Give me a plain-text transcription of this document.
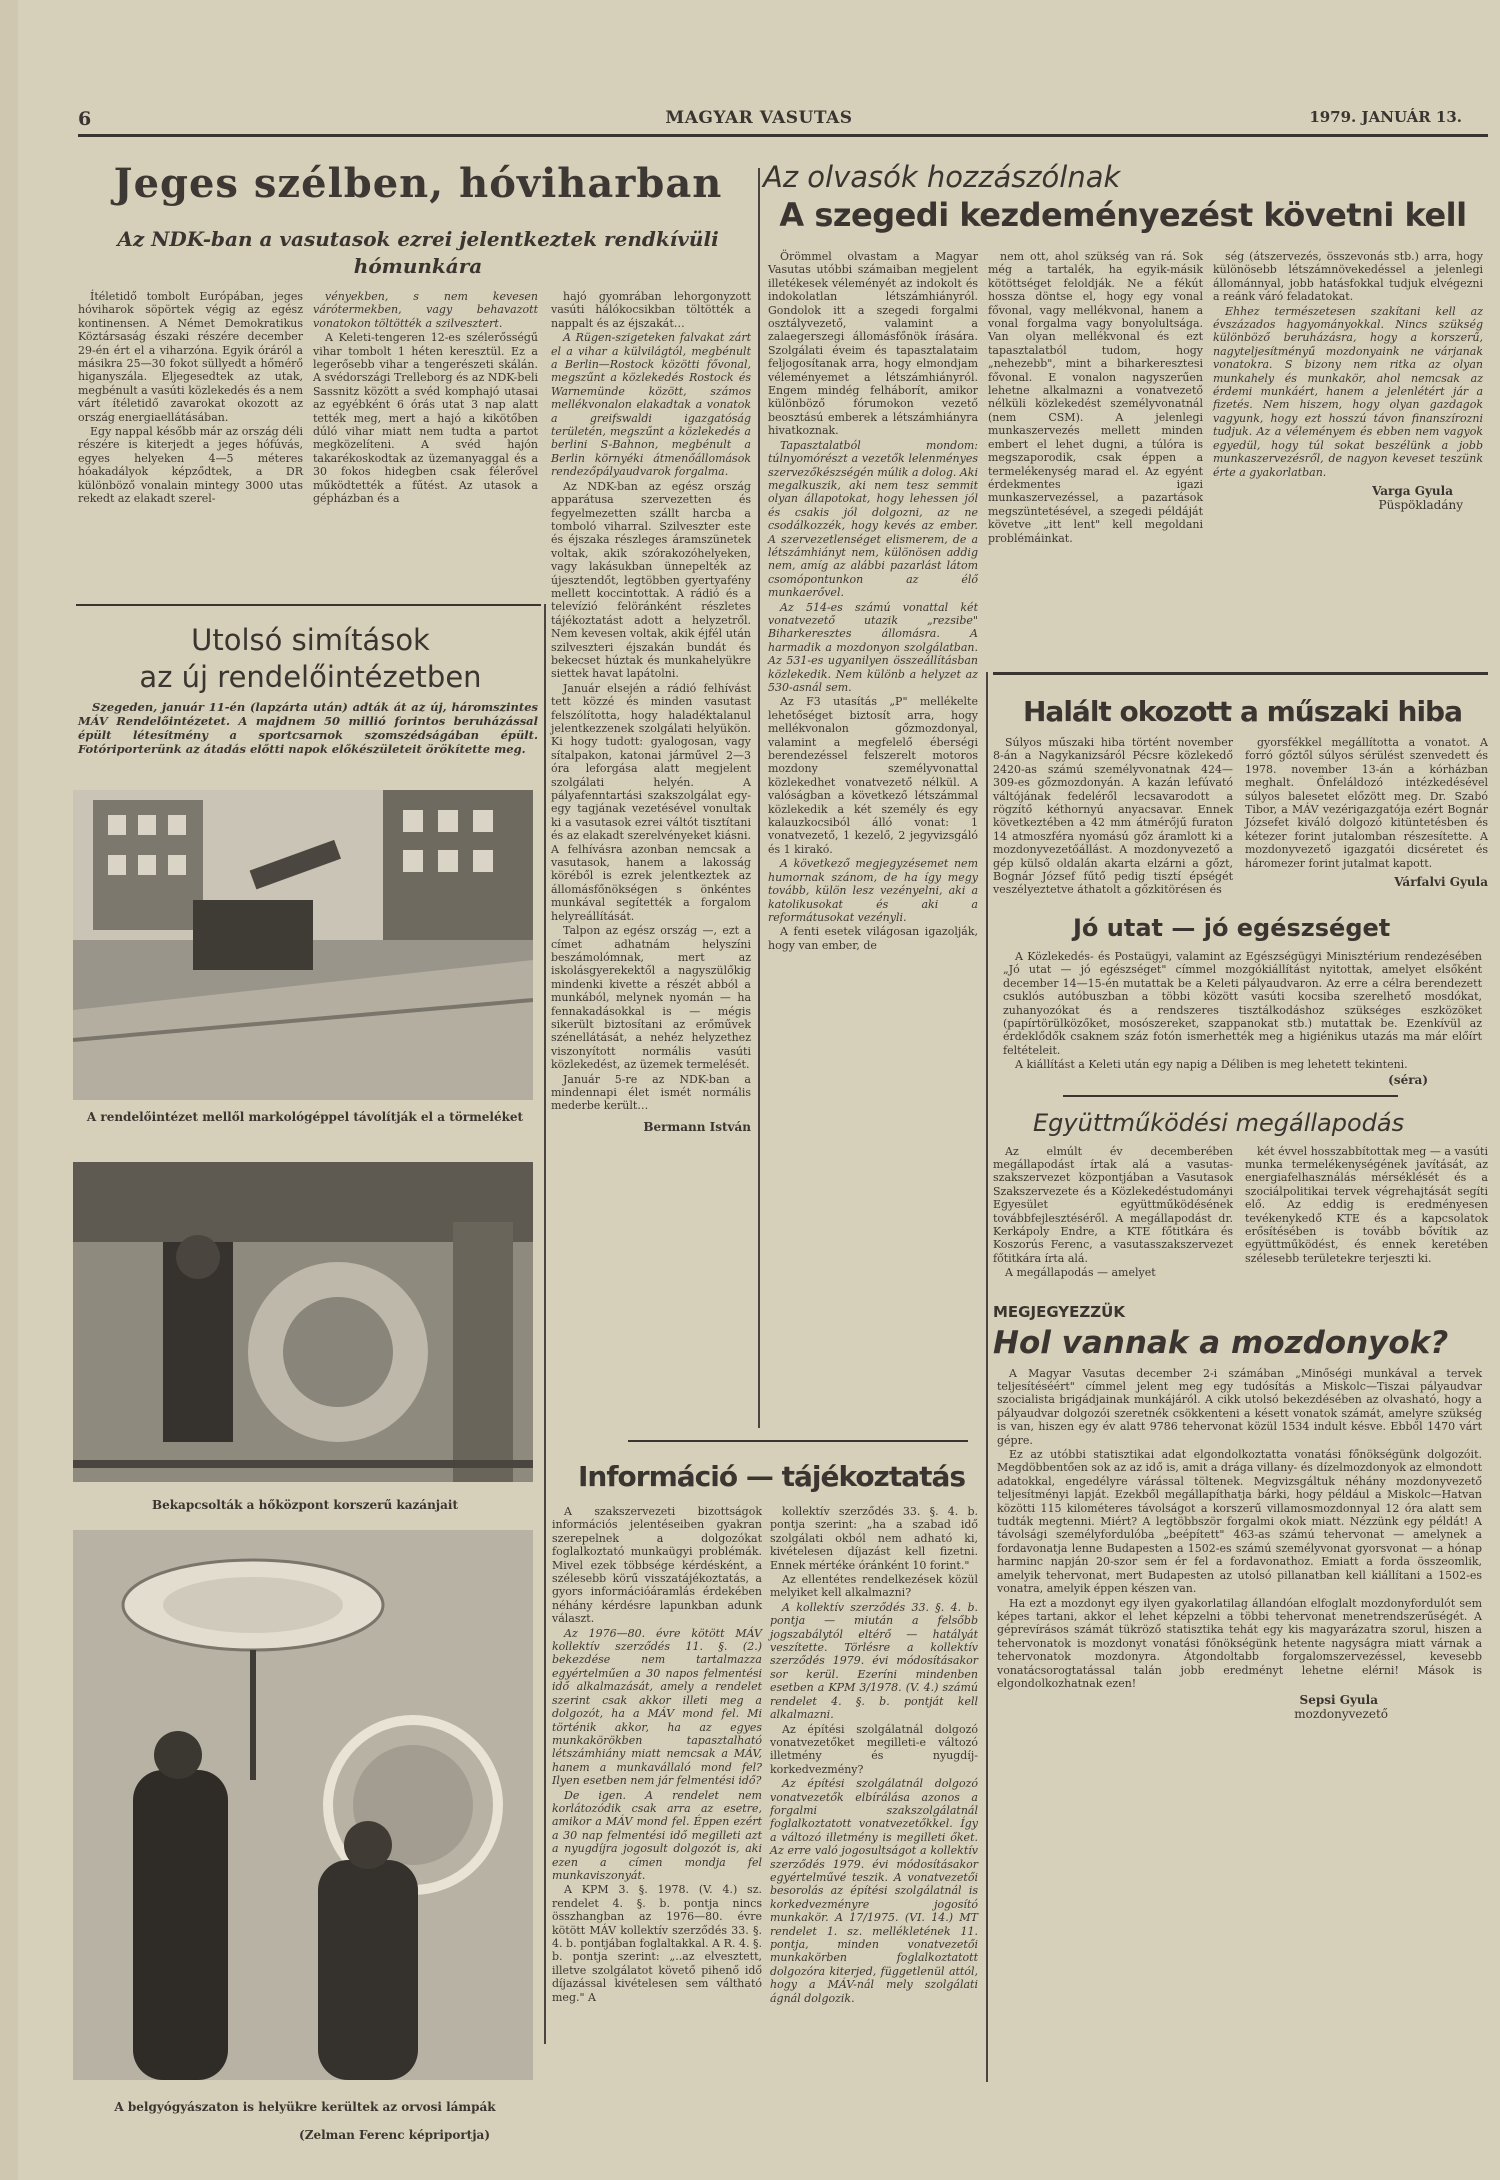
6	MAGYAR VASUTAS	1979. JANUÁR 13.
Jeges szélben, hóviharban
Az NDK-ban a vasutasok ezrei jelentkeztek rendkívüli hómunkára

Ítéletidő tombolt Európában, jeges hóviharok söpörtek végig az egész kontinensen. A Német Demokratikus Köztársaság északi részére december 29-én ért el a viharzóna. Egyik óráról a másikra 25—30 fokot süllyedt a hőmérő higanyszála. Eljegesedtek az utak, megbénult a vasúti közlekedés és a nem várt ítéletidő zavarokat okozott az ország energiaellátásában.

Egy nappal később már az ország déli részére is kiterjedt a jeges hófúvás, egyes helyeken 4—5 méteres hóakadályok képződtek, a DR különböző vonalain mintegy 3000 utas rekedt az elakadt szerel-

vényekben, s nem kevesen várótermekben, vagy behavazott vonatokon töltötték a szilvesztert.

A Keleti-tengeren 12-es szélerősségű vihar tombolt 1 héten keresztül. Ez a legerősebb vihar a tengerészeti skálán. A svédországi Trelleborg és az NDK-beli Sassnitz között a svéd komphajó utasai az egyébként 6 órás utat 3 nap alatt tették meg, mert a hajó a kikötőben dúló vihar miatt nem tudta a partot megközelíteni. A svéd hajón takarékoskodtak az üzemanyaggal és a 30 fokos hidegben csak félerővel működtették a fűtést. Az utasok a gépházban és a

hajó gyomrában lehorgonyzott vasúti hálókocsikban töltötték a nappalt és az éjszakát…

A Rügen-szigeteken falvakat zárt el a vihar a külvilágtól, megbénult a Berlin—Rostock közötti fővonal, megszűnt a közlekedés Rostock és Warnemünde között, számos mellékvonalon elakadtak a vonatok a greifswaldi igazgatóság területén, megszűnt a közlekedés a berlini S-Bahnon, megbénult a Berlin környéki átmenőállomások rendezőpályaudvarok forgalma.

Az NDK-ban az egész ország apparátusa szervezetten és fegyelmezetten szállt harcba a tomboló viharral. Szilveszter este és éjszaka részleges áramszünetek voltak, akik szórakozóhelyeken, vagy lakásukban ünnepelték az újesztendőt, legtöbben gyertyafény mellett koccintottak. A rádió és a televízió felöránként részletes tájékoztatást adott a helyzetről. Nem kevesen voltak, akik éjfél után szilveszteri éjszakán bundát és bekecset húztak és munkahelyükre siettek havat lapátolni.

Január elsején a rádió felhívást tett közzé és minden vasutast felszólította, hogy haladéktalanul jelentkezzenek szolgálati helyükön. Ki hogy tudott: gyalogosan, vagy sítalpakon, katonai járművel 2—3 óra leforgása alatt megjelent szolgálati helyén. A pályafenntartási szakszolgálat egy-egy tagjának vezetésével vonultak ki a vasutasok ezrei váltót tisztítani és az elakadt szerelvényeket kiásni. A felhívásra azonban nemcsak a vasutasok, hanem a lakosság köréből is ezrek jelentkeztek az állomásfőnökségen s önkéntes munkával segítették a forgalom helyreállítását.

Talpon az egész ország —, ezt a címet adhatnám helyszíni beszámolómnak, mert az iskolásgyerekektől a nagyszülőkig mindenki kivette a részét abból a munkából, melynek nyomán — ha fennakadásokkal is — mégis sikerült biztosítani az erőművek szénellátását, a nehéz helyzethez viszonyított normális vasúti közlekedést, az üzemek termelését.

Január 5-re az NDK-ban a mindennapi élet ismét normális mederbe került…

Bermann István
Utolsó simítások
az új rendelőintézetben
Szegeden, január 11-én (lapzárta után) adták át az új, háromszintes MÁV Rendelőintézetet. A majdnem 50 millió forintos beruházással épült létesítmény a sportcsarnok szomszédságában épült. Fotóriporterünk az átadás előtti napok előkészületeit örökítette meg.
A rendelőintézet mellől markológéppel távolítják el a törmeléket
Bekapcsolták a hőközpont korszerű kazánjait
A belgyógyászaton is helyükre kerültek az orvosi lámpák
(Zelman Ferenc képriportja)
Az olvasók hozzászólnak
A szegedi kezdeményezést követni kell

Örömmel olvastam a Magyar Vasutas utóbbi számaiban megjelent illetékesek véleményét az indokolt és indokolatlan létszámhiányról. Gondolok itt a szegedi forgalmi osztályvezető, valamint a zalaegerszegi állomásfőnök írására. Szolgálati éveim és tapasztalataim feljogosítanak arra, hogy elmondjam véleményemet a létszámhiányról. Engem mindég felháborít, amikor különböző fórumokon vezető beosztású emberek a létszámhiányra hivatkoznak.

Tapasztalatból mondom: túlnyomórészt a vezetők lelenményes szervezőkészségén múlik a dolog. Aki megalkuszik, aki nem tesz semmit olyan állapotokat, hogy lehessen jól és csakis jól dolgozni, az ne csodálkozzék, hogy kevés az ember. A szervezetlenséget elismerem, de a létszámhiányt nem, különösen addig nem, amíg az alábbi pazarlást látom csomópontunkon az élő munkaerővel.

Az 514-es számú vonattal két vonatvezető utazik „rezsibe" Biharkeresztes állomásra. A harmadik a mozdonyon szolgálatban. Az 531-es ugyanilyen összeállításban közlekedik. Nem különb a helyzet az 530-asnál sem.

Az F3 utasítás „P" mellékelte lehetőséget biztosít arra, hogy mellékvonalon gőzmozdonyal, valamint a megfelelő éberségi berendezéssel felszerelt motoros mozdony személyvonattal közlekedhet vonatvezető nélkül. A valóságban a következő létszámmal közlekedik a két személy és egy kalauzkocsiból álló vonat: 1 vonatvezető, 1 kezelő, 2 jegyvizsgáló és 1 kirakó.

A következő megjegyzésemet nem humornak szánom, de ha így megy tovább, külön lesz vezényelni, aki a katolikusokat és aki a reformátusokat vezényli.

A fenti esetek világosan igazolják, hogy van ember, de

nem ott, ahol szükség van rá. Sok még a tartalék, ha egyik-másik kötöttséget feloldják. Ne a fékút hossza döntse el, hogy egy vonal fővonal, vagy mellékvonal, hanem a vonal forgalma vagy bonyolultsága. Van olyan mellékvonal és ezt tapasztalatból tudom, hogy „nehezebb", mint a biharkeresztesi fővonal. E vonalon nagyszerűen lehetne alkalmazni a vonatvezető nélküli közlekedést személyvonatnál (nem CSM). A jelenlegi munkaszervezés mellett minden embert el lehet dugni, a túlóra is megszaporodik, csak éppen a termelékenység marad el. Az egyént érdekmentes igazi munkaszervezéssel, a pazartások megszüntetésével, a szegedi példáját követve „itt lent" kell megoldani problémáinkat.

ség (átszervezés, összevonás stb.) arra, hogy különösebb létszámnövekedéssel a jelenlegi állománnyal, jobb hatásfokkal tudjuk elvégezni a reánk váró feladatokat.

Ehhez természetesen szakítani kell az évszázados hagyományokkal. Nincs szükség különböző beruházásra, hogy a korszerű, nagyteljesítményű mozdonyaink ne várjanak vonatokra. S bizony nem ritka az olyan munkahely és munkakör, ahol nemcsak az érdemi munkáért, hanem a jelenlétért jár a fizetés. Nem hiszem, hogy olyan gazdagok vagyunk, hogy ezt hosszú távon finanszírozni tudjuk. Az a véleményem és ebben nem vagyok egyedül, hogy túl sokat beszélünk a jobb munkaszervezésről, de nagyon keveset teszünk érte a gyakorlatban.

Varga Gyula
Püspökladány
Halált okozott a műszaki hiba

Súlyos műszaki hiba történt november 8-án a Nagykanizsáról Pécsre közlekedő 2420-as számú személyvonatnak 424—309-es gőzmozdonyán. A kazán lefúvató váltójának fedeléről lecsavarodott a rögzítő kéthornyú anyacsavar. Ennek következtében a 42 mm átmérőjű furaton 14 atmoszféra nyomású gőz áramlott ki a mozdonyvezetőállást. A mozdonyvezető a gép külső oldalán akarta elzárni a gőzt, Bognár József fűtő pedig tisztí épségét veszélyeztetve áthatolt a gőzkitörésen és

gyorsfékkel megállította a vonatot. A forró gőztől súlyos sérülést szenvedett és 1978. november 13-án a kórházban meghalt. Önfeláldozó intézkedésével súlyos balesetet előzött meg. Dr. Szabó Tibor, a MÁV vezérigazgatója ezért Bognár Józsefet kiváló dolgozó kitüntetésben és kétezer forint jutalomban részesítette. A mozdonyvezető igazgatói dicséretet és háromezer forint jutalmat kapott.

Várfalvi Gyula
Jó utat — jó egészséget

A Közlekedés- és Postaügyi, valamint az Egészségügyi Minisztérium rendezésében „Jó utat — jó egészséget" címmel mozgókiállítást nyitottak, amelyet elsőként december 14—15-én mutattak be a Keleti pályaudvaron. Az erre a célra berendezett csuklós autóbuszban a többi között vasúti kocsiba szerelhető mosdókat, zuhanyozókat és a rendszeres tisztálkodáshoz szükséges eszközöket (papírtörülközőket, mosószereket, szappanokat stb.) mutattak be. Ezenkívül az érdeklődők csaknem száz fotón ismerhették meg a higiénikus utazás ma már előírt feltételeit.

A kiállítást a Keleti után egy napig a Déliben is meg lehetett tekinteni.

(séra)
Együttműködési megállapodás

Az elmúlt év decemberében megállapodást írtak alá a vasutas-szakszervezet központjában a Vasutasok Szakszervezete és a Közlekedéstudományi Egyesület együttműködésének továbbfejlesztéséről. A megállapodást dr. Kerkápoly Endre, a KTE főtitkára és Koszorús Ferenc, a vasutasszakszervezet főtitkára írta alá.

A megállapodás — amelyet

két évvel hosszabbítottak meg — a vasúti munka termelékenységének javítását, az energiafelhasználás mérséklését és a szociálpolitikai tervek végrehajtását segíti elő. Az eddig is eredményesen tevékenykedő KTE és a kapcsolatok erősítésében is tovább bővítik az együttműködést, és ennek keretében szélesebb területekre terjeszti ki.

MEGJEGYEZZÜK
Hol vannak a mozdonyok?

A Magyar Vasutas december 2-i számában „Minőségi munkával a tervek teljesítéséért" címmel jelent meg egy tudósítás a Miskolc—Tiszai pályaudvar szocialista brigádjainak munkájáról. A cikk utolsó bekezdésében az olvasható, hogy a pályaudvar dolgozói szeretnék csökkenteni a késett vonatok számát, amelyre szükség is van, hiszen egy év alatt 9786 tehervonat közül 1534 indult késve. Ebből 1470 várt gépre.

Ez az utóbbi statisztikai adat elgondolkoztatta vonatási főnökségünk dolgozóit. Megdöbbentően sok az az idő is, amit a drága villany- és dízelmozdonyok az elmondott adatokkal, engedélyre várással töltenek. Megvizsgáltuk néhány mozdonyvezető teljesítményi lapját. Ezekből megállapíthatja bárki, hogy például a Miskolc—Hatvan közötti 115 kilométeres távolságot a korszerű villamosmozdonnyal 12 óra alatt sem tudták megtenni. Miért? A legtöbbször forgalmi okok miatt. Nézzünk egy példát! A távolsági személyfordulóba „beépített" 463-as számú tehervonat — amelynek a fordavonatja lenne Budapesten a 1502-es számú személyvonat gyorsvonat — a hónap harminc napján 20-szor sem ér fel a fordavonathoz. Emiatt a forda összeomlik, amelyik tehervonat, mert Budapesten az utolsó pillanatban kell kiállítani a 1502-es vonatra, amelyik éppen készen van.

Ha ezt a mozdonyt egy ilyen gyakorlatilag állandóan elfoglalt mozdonyfordulót sem képes tartani, akkor el lehet képzelni a többi tehervonat menetrendszerűségét. A géprevírásos számát tükröző statisztika tehát egy kis magyarázatra szorul, hiszen a tehervonatok is mozdonyt vonatási főnökségünk hetente nagyságra miatt várnak a tehervonatok mozdonyra. Átgondoltabb forgalomszervezéssel, kevesebb vonatácsorogtatással talán jobb eredményt lehetne elérni! Mások is elgondolkozhatnak ezen!

Sepsi Gyula
mozdonyvezető
Információ — tájékoztatás

A szakszervezeti bizottságok információs jelentéseiben gyakran szerepelnek a dolgozókat foglalkoztató munkaügyi problémák. Mivel ezek többsége kérdésként, a szélesebb körű visszatájékoztatás, a gyors információáramlás érdekében néhány kérdésre lapunkban adunk választ.

Az 1976—80. évre kötött MÁV kollektív szerződés 11. §. (2.) bekezdése nem tartalmazza egyértelműen a 30 napos felmentési idő alkalmazását, amely a rendelet szerint csak akkor illeti meg a dolgozót, ha a MÁV mond fel. Mi történik akkor, ha az egyes munkakörökben tapasztalható létszámhiány miatt nemcsak a MÁV, hanem a munkavállaló mond fel? Ilyen esetben nem jár felmentési idő?

De igen. A rendelet nem korlátozódik csak arra az esetre, amikor a MÁV mond fel. Éppen ezért a 30 nap felmentési idő megilleti azt a nyugdíjra jogosult dolgozót is, aki ezen a címen mondja fel munkaviszonyát.

A KPM 3. §. 1978. (V. 4.) sz. rendelet 4. §. b. pontja nincs összhangban az 1976—80. évre kötött MÁV kollektív szerződés 33. §. 4. b. pontjában foglaltakkal. A R. 4. §. b. pontja szerint: „..az elvesztett, illetve szolgálatot követő pihenő idő díjazással kivételesen sem váltható meg." A

kollektív szerződés 33. §. 4. b. pontja szerint: „ha a szabad idő szolgálati okból nem adható ki, kivételesen díjazást kell fizetni. Ennek mértéke óránként 10 forint."

Az ellentétes rendelkezések közül melyiket kell alkalmazni?

A kollektív szerződés 33. §. 4. b. pontja — miután a felsőbb jogszabálytól eltérő — hatályát veszítette. Törlésre a kollektív szerződés 1979. évi módosításakor sor kerül. Ezeríni mindenben esetben a KPM 3/1978. (V. 4.) számú rendelet 4. §. b. pontját kell alkalmazni.

Az építési szolgálatnál dolgozó vonatvezetőket megilleti-e változó illetmény és nyugdíj-korkedvezmény?

Az építési szolgálatnál dolgozó vonatvezetők elbírálása azonos a forgalmi szakszolgálatnál foglalkoztatott vonatvezetőkkel. Így a változó illetmény is megilleti őket. Az erre való jogosultságot a kollektív szerződés 1979. évi módosításakor egyértelművé teszik. A vonatvezetői besorolás az építési szolgálatnál is korkedvezményre jogosító munkakör. A 17/1975. (VI. 14.) MT rendelet 1. sz. mellékletének 11. pontja, minden vonatvezetői munkakörben foglalkoztatott dolgozóra kiterjed, függetlenül attól, hogy a MÁV-nál mely szolgálati ágnál dolgozik.
